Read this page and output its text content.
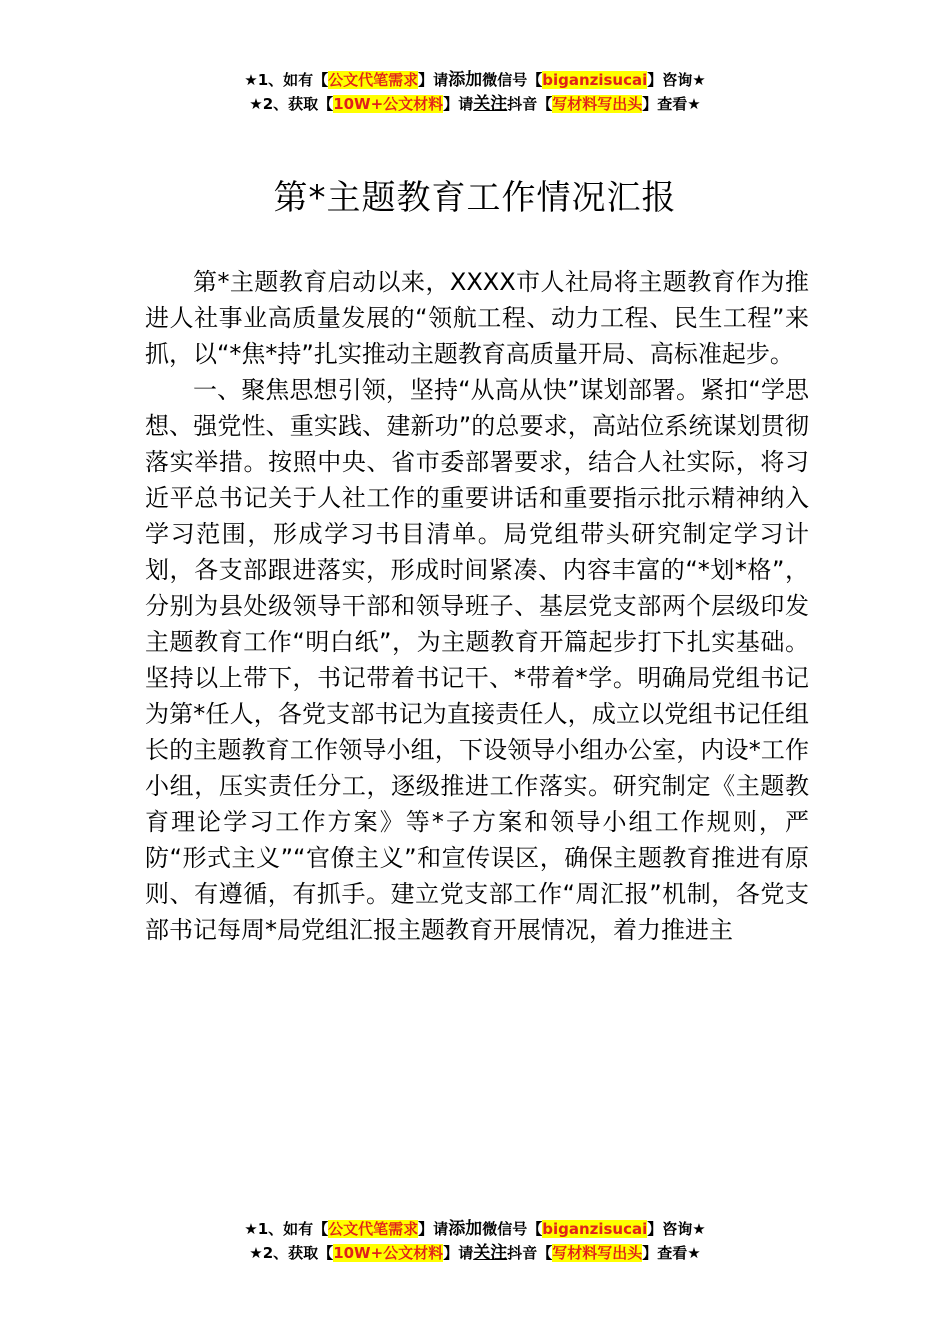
★1、如有【公文代笔需求】请添加微信号【biganzisucai】咨询★
★2、获取【10W+公文材料】请关注抖音【写材料写出头】查看★
第*主题教育工作情况汇报

第*主题教育启动以来，XXXX市人社局将主题教育作为推进人社事业高质量发展的“领航工程、动力工程、民生工程”来抓，以“*焦*持”扎实推动主题教育高质量开局、高标准起步。

一、聚焦思想引领，坚持“从高从快”谋划部署。紧扣“学思想、强党性、重实践、建新功”的总要求，高站位系统谋划贯彻落实举措。按照中央、省市委部署要求，结合人社实际，将习近平总书记关于人社工作的重要讲话和重要指示批示精神纳入学习范围，形成学习书目清单。局党组带头研究制定学习计划，各支部跟进落实，形成时间紧凑、内容丰富的“*划*格”，分别为县处级领导干部和领导班子、基层党支部两个层级印发主题教育工作“明白纸”，为主题教育开篇起步打下扎实基础。坚持以上带下，书记带着书记干、*带着*学。明确局党组书记为第*任人，各党支部书记为直接责任人，成立以党组书记任组长的主题教育工作领导小组，下设领导小组办公室，内设*工作小组，压实责任分工，逐级推进工作落实。研究制定《主题教育理论学习工作方案》等*子方案和领导小组工作规则，严防“形式主义”“官僚主义”和宣传误区，确保主题教育推进有原则、有遵循，有抓手。建立党支部工作“周汇报”机制，各党支部书记每周*局党组汇报主题教育开展情况，着力推进主

★1、如有【公文代笔需求】请添加微信号【biganzisucai】咨询★
★2、获取【10W+公文材料】请关注抖音【写材料写出头】查看★
